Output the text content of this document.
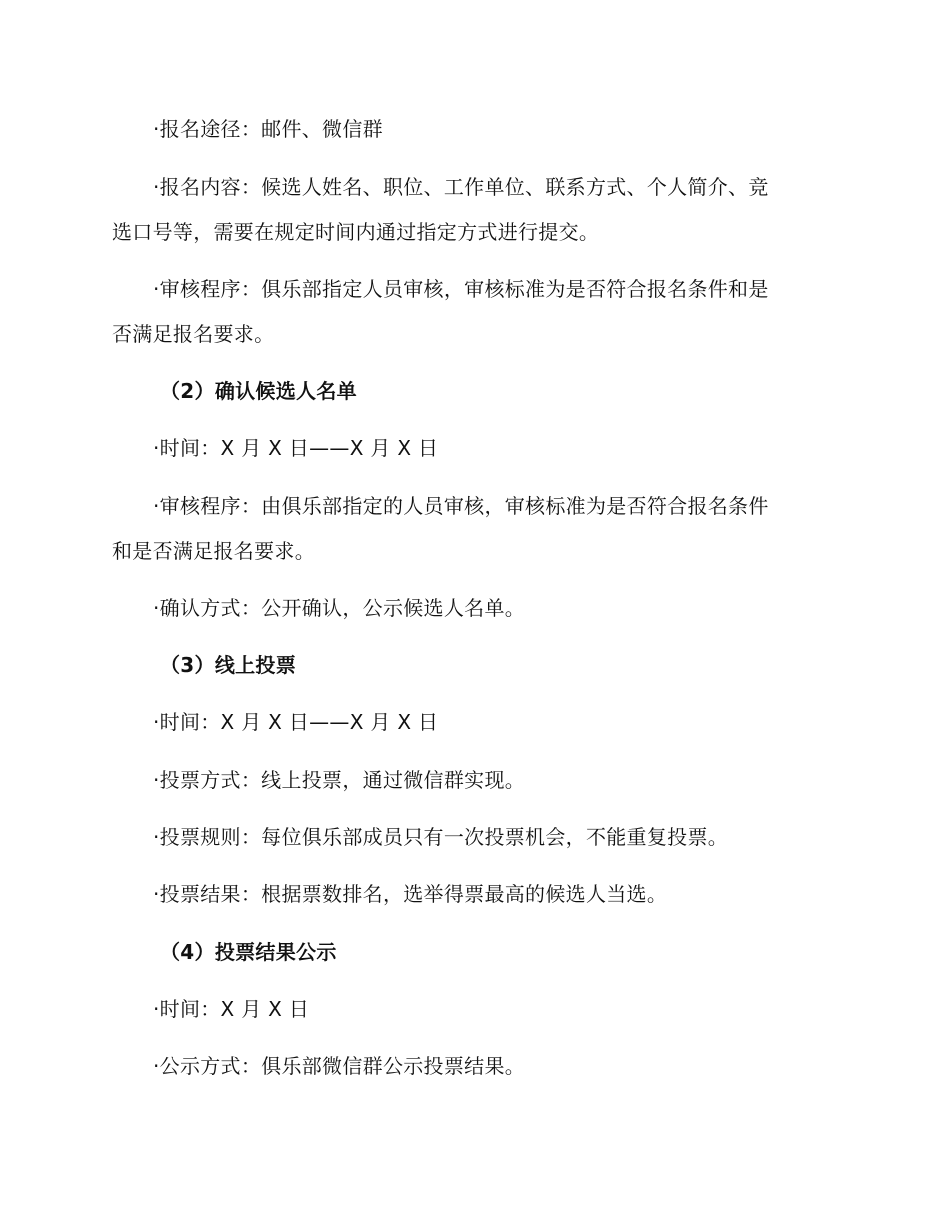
·报名途径：邮件、微信群
·报名内容：候选人姓名、职位、工作单位、联系方式、个人简介、竞
选口号等，需要在规定时间内通过指定方式进行提交。
·审核程序：俱乐部指定人员审核，审核标准为是否符合报名条件和是
否满足报名要求。
（2）确认候选人名单
·时间：X 月 X 日——X 月 X 日
·审核程序：由俱乐部指定的人员审核，审核标准为是否符合报名条件
和是否满足报名要求。
·确认方式：公开确认，公示候选人名单。
（3）线上投票
·时间：X 月 X 日——X 月 X 日
·投票方式：线上投票，通过微信群实现。
·投票规则：每位俱乐部成员只有一次投票机会，不能重复投票。
·投票结果：根据票数排名，选举得票最高的候选人当选。
（4）投票结果公示
·时间：X 月 X 日
·公示方式：俱乐部微信群公示投票结果。
